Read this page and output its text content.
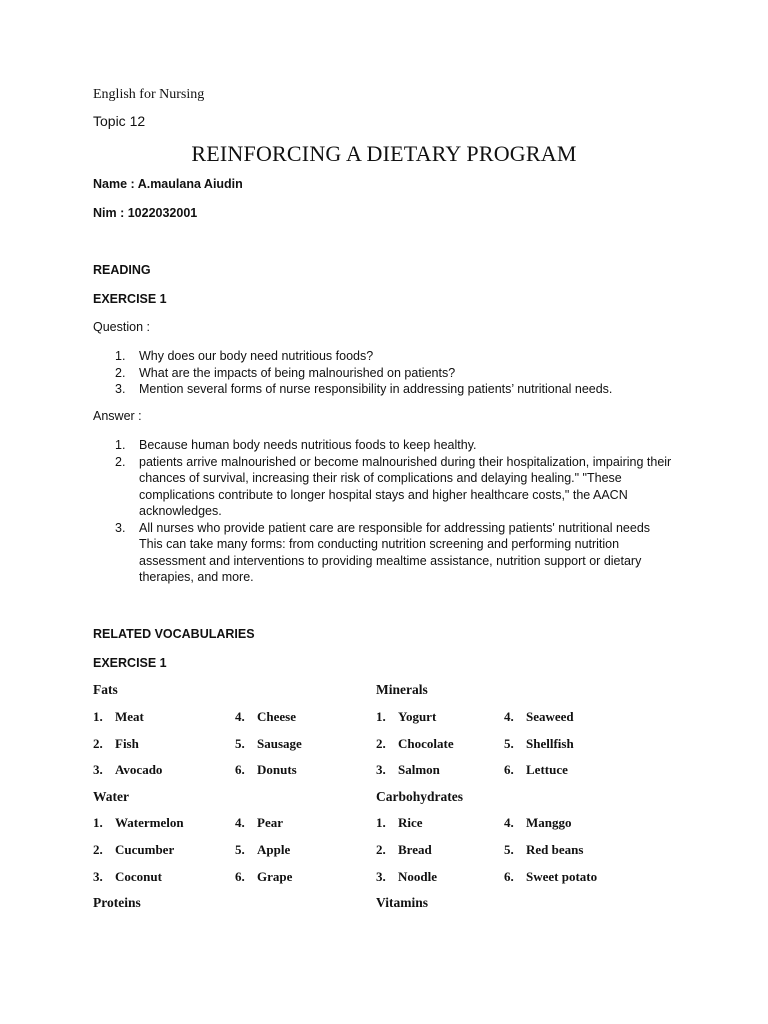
English for Nursing
Topic 12
REINFORCING A DIETARY PROGRAM
Name : A.maulana Aiudin
Nim : 1022032001
READING
EXERCISE 1
Question :
1. Why does our body need nutritious foods?
2. What are the impacts of being malnourished on patients?
3. Mention several forms of nurse responsibility in addressing patients’ nutritional needs.
Answer :
1. Because human body needs nutritious foods to keep healthy.
2. patients arrive malnourished or become malnourished during their hospitalization, impairing their chances of survival, increasing their risk of complications and delaying healing." "These complications contribute to longer hospital stays and higher healthcare costs," the AACN acknowledges.
3. All nurses who provide patient care are responsible for addressing patients' nutritional needs This can take many forms: from conducting nutrition screening and performing nutrition assessment and interventions to providing mealtime assistance, nutrition support or dietary therapies, and more.
RELATED VOCABULARIES
EXERCISE 1
Fats
1. Meat
2. Fish
3. Avocado
4. Cheese
5. Sausage
6. Donuts
Minerals
1. Yogurt
2. Chocolate
3. Salmon
4. Seaweed
5. Shellfish
6. Lettuce
Water
1. Watermelon
2. Cucumber
3. Coconut
4. Pear
5. Apple
6. Grape
Carbohydrates
1. Rice
2. Bread
3. Noodle
4. Manggo
5. Red beans
6. Sweet potato
Proteins	Vitamins
